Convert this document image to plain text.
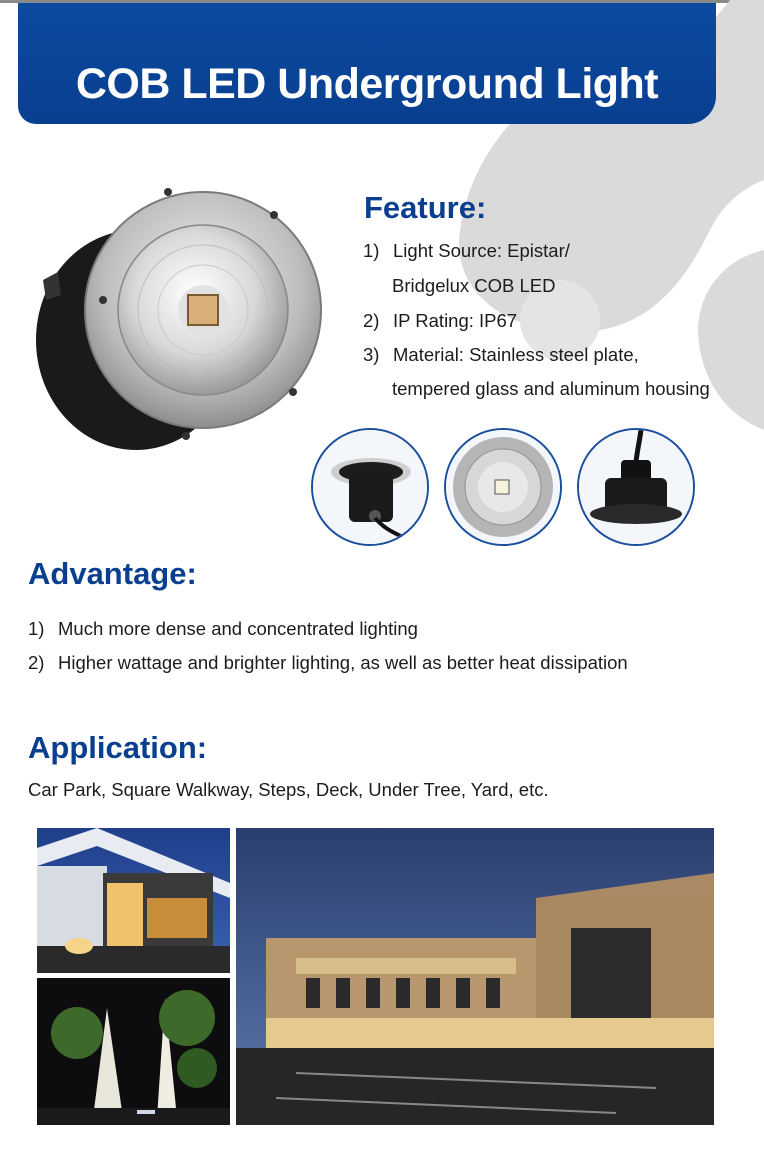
COB LED Underground Light
Feature:
1) Light Source: Epistar/
Bridgelux COB LED
2) IP Rating: IP67
3) Material: Stainless steel plate,
tempered glass and aluminum housing
Advantage:
1) Much more dense and concentrated lighting
2) Higher wattage and brighter lighting, as well as better heat dissipation
Application:
Car Park, Square Walkway, Steps, Deck, Under Tree, Yard, etc.
